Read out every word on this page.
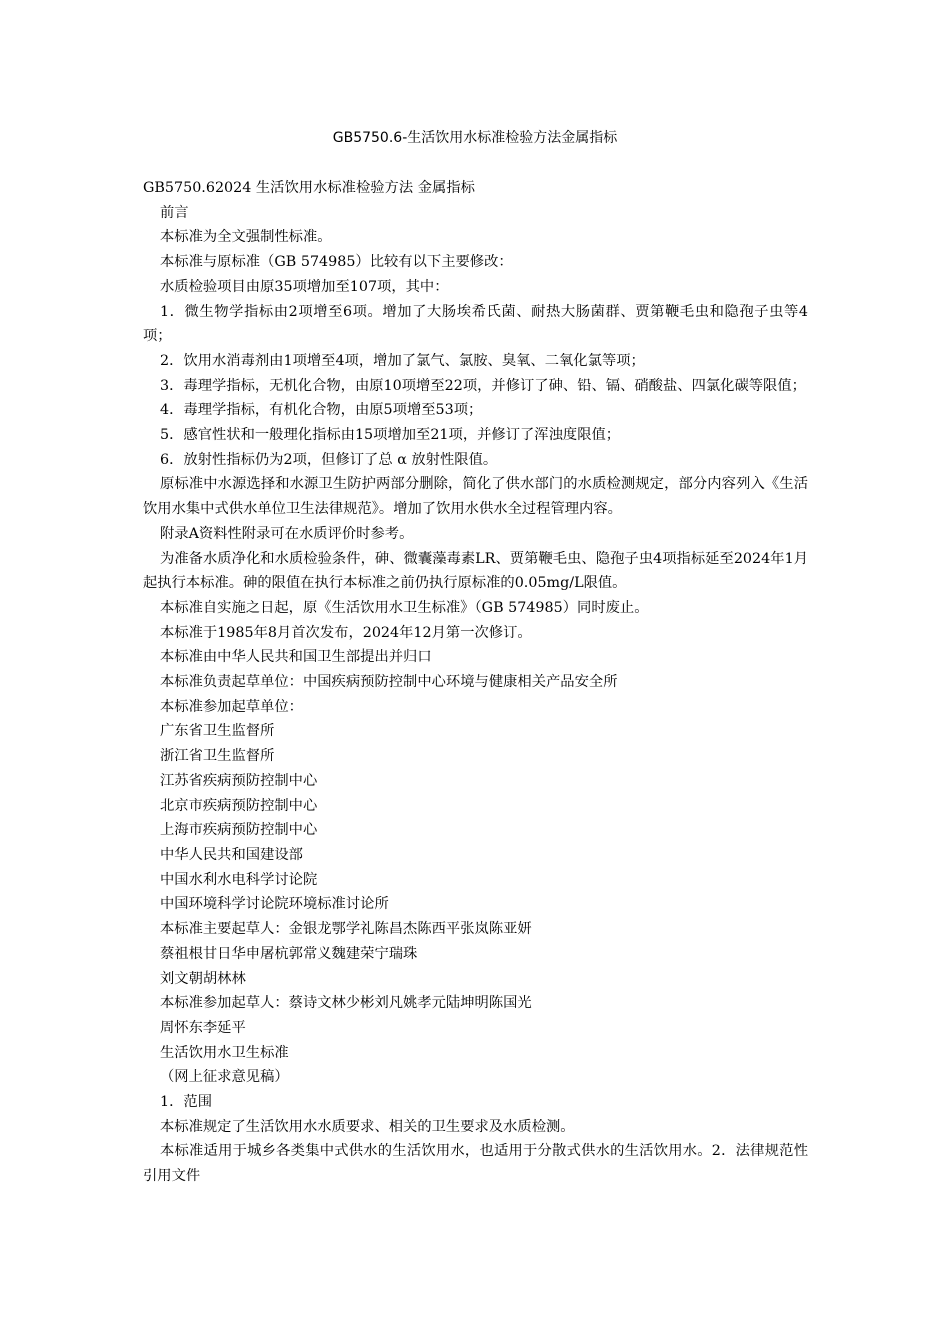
GB5750.6-生活饮用水标准检验方法金属指标

GB5750.62024 生活饮用水标准检验方法 金属指标

前言

本标准为全文强制性标准。

本标准与原标准（GB 574985）比较有以下主要修改：

水质检验项目由原35项增加至107项，其中：

1．微生物学指标由2项增至6项。增加了大肠埃希氏菌、耐热大肠菌群、贾第鞭毛虫和隐孢子虫等4项；

2．饮用水消毒剂由1项增至4项，增加了氯气、氯胺、臭氧、二氧化氯等项；

3．毒理学指标，无机化合物，由原10项增至22项，并修订了砷、铅、镉、硝酸盐、四氯化碳等限值；

4．毒理学指标，有机化合物，由原5项增至53项；

5．感官性状和一般理化指标由15项增加至21项，并修订了浑浊度限值；

6．放射性指标仍为2项，但修订了总 α 放射性限值。

原标准中水源选择和水源卫生防护两部分删除，简化了供水部门的水质检测规定，部分内容列入《生活饮用水集中式供水单位卫生法律规范》。增加了饮用水供水全过程管理内容。

附录A资料性附录可在水质评价时参考。

为准备水质净化和水质检验条件，砷、微囊藻毒素LR、贾第鞭毛虫、隐孢子虫4项指标延至2024年1月起执行本标准。砷的限值在执行本标准之前仍执行原标准的0.05mg/L限值。

本标准自实施之日起，原《生活饮用水卫生标准》（GB 574985）同时废止。

本标准于1985年8月首次发布，2024年12月第一次修订。

本标准由中华人民共和国卫生部提出并归口

本标准负责起草单位：中国疾病预防控制中心环境与健康相关产品安全所

本标准参加起草单位：

广东省卫生监督所

浙江省卫生监督所

江苏省疾病预防控制中心

北京市疾病预防控制中心

上海市疾病预防控制中心

中华人民共和国建设部

中国水利水电科学讨论院

中国环境科学讨论院环境标准讨论所

本标准主要起草人：金银龙鄂学礼陈昌杰陈西平张岚陈亚妍

蔡祖根甘日华申屠杭郭常义魏建荣宁瑞珠

刘文朝胡林林

本标准参加起草人：蔡诗文林少彬刘凡姚孝元陆坤明陈国光

周怀东李延平

生活饮用水卫生标准

（网上征求意见稿）

1．范围

本标准规定了生活饮用水水质要求、相关的卫生要求及水质检测。

本标准适用于城乡各类集中式供水的生活饮用水，也适用于分散式供水的生活饮用水。2．法律规范性引用文件
